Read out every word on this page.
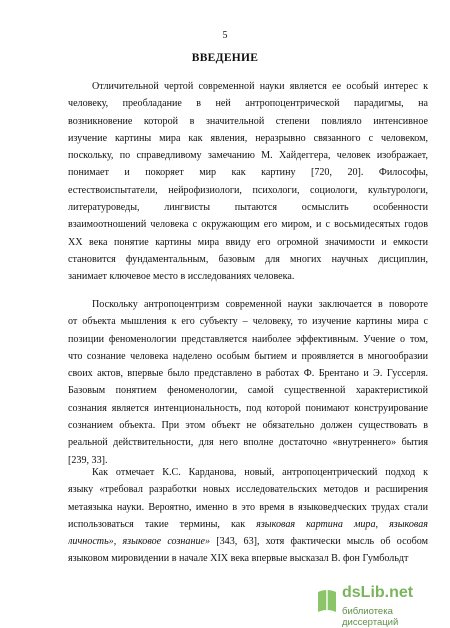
5
ВВЕДЕНИЕ
Отличительной чертой современной науки является ее особый интерес к
человеку, преобладание в ней антропоцентрической парадигмы, на
возникновение которой в значительной степени повлияло интенсивное
изучение картины мира как явления, неразрывно связанного с человеком,
поскольку, по справедливому замечанию М. Хайдеггера, человек изображает,
понимает и покоряет мир как картину [720, 20]. Философы,
естествоиспытатели, нейрофизиологи, психологи, социологи, культурологи,
литературоведы, лингвисты пытаются осмыслить особенности
взаимоотношений человека с окружающим его миром, и с восьмидесятых годов
XX века понятие картины мира ввиду его огромной значимости и емкости
становится фундаментальным, базовым для многих научных дисциплин,
занимает ключевое место в исследованиях человека.
Поскольку антропоцентризм современной науки заключается в повороте
от объекта мышления к его субъекту – человеку, то изучение картины мира с
позиции феноменологии представляется наиболее эффективным. Учение о том,
что сознание человека наделено особым бытием и проявляется в многообразии
своих актов, впервые было представлено в работах Ф. Брентано и Э. Гуссерля.
Базовым понятием феноменологии, самой существенной характеристикой
сознания является интенциональность, под которой понимают конструирование
сознанием объекта. При этом объект не обязательно должен существовать в
реальной действительности, для него вполне достаточно «внутреннего» бытия
[239, 33].
Как отмечает К.С. Карданова, новый, антропоцентрический подход к
языку «требовал разработки новых исследовательских методов и расширения
метаязыка науки. Вероятно, именно в это время в языковедческих трудах стали
использоваться такие термины, как языковая картина мира, языковая
личность», языковое сознание» [343, 63], хотя фактически мысль об особом
языковом мировидении в начале XIX века впервые высказал В. фон Гумбольдт
dsLib.net
библиотека диссертаций
